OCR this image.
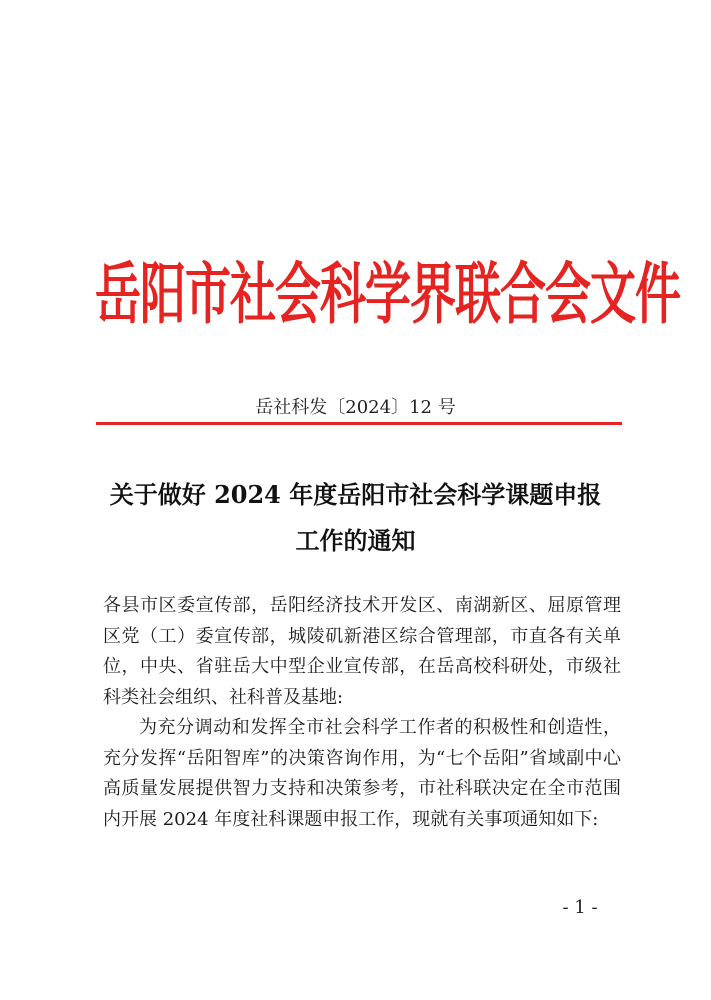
岳阳市社会科学界联合会文件
岳社科发〔2024〕12 号
关于做好 2024 年度岳阳市社会科学课题申报
工作的通知

各县市区委宣传部，岳阳经济技术开发区、南湖新区、屈原管理区党（工）委宣传部，城陵矶新港区综合管理部，市直各有关单位，中央、省驻岳大中型企业宣传部，在岳高校科研处，市级社科类社会组织、社科普及基地:

为充分调动和发挥全市社会科学工作者的积极性和创造性，充分发挥“岳阳智库”的决策咨询作用，为“七个岳阳”省域副中心高质量发展提供智力支持和决策参考，市社科联决定在全市范围内开展 2024 年度社科课题申报工作，现就有关事项通知如下:

- 1 -
